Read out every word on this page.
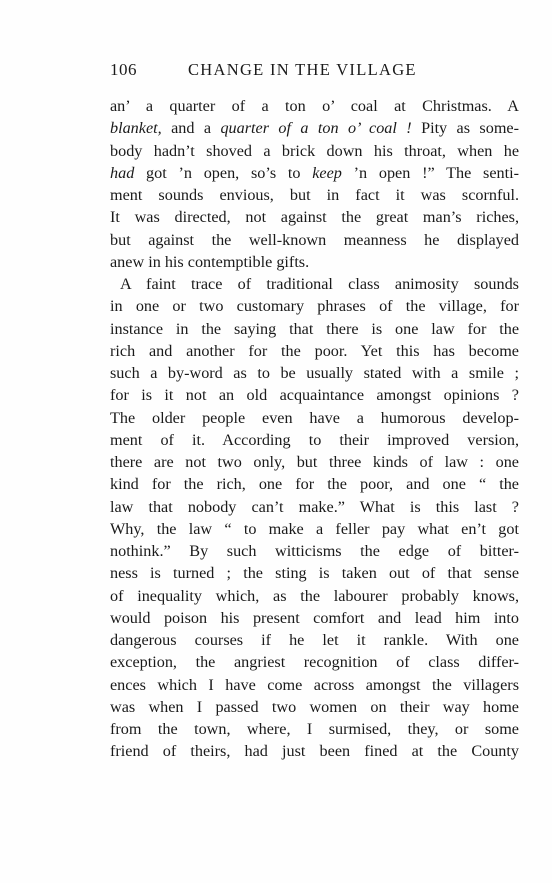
106	CHANGE IN THE VILLAGE
an’ a quarter of a ton o’ coal at Christmas. A
blanket, and a quarter of a ton o’ coal ! Pity as some-
body hadn’t shoved a brick down his throat, when he
had got ’n open, so’s to keep ’n open !” The senti-
ment sounds envious, but in fact it was scornful.
It was directed, not against the great man’s riches,
but against the well-known meanness he displayed
anew in his contemptible gifts.
A faint trace of traditional class animosity sounds
in one or two customary phrases of the village, for
instance in the saying that there is one law for the
rich and another for the poor. Yet this has become
such a by-word as to be usually stated with a smile ;
for is it not an old acquaintance amongst opinions ?
The older people even have a humorous develop-
ment of it. According to their improved version,
there are not two only, but three kinds of law : one
kind for the rich, one for the poor, and one “ the
law that nobody can’t make.” What is this last ?
Why, the law “ to make a feller pay what en’t got
nothink.” By such witticisms the edge of bitter-
ness is turned ; the sting is taken out of that sense
of inequality which, as the labourer probably knows,
would poison his present comfort and lead him into
dangerous courses if he let it rankle. With one
exception, the angriest recognition of class differ-
ences which I have come across amongst the villagers
was when I passed two women on their way home
from the town, where, I surmised, they, or some
friend of theirs, had just been fined at the County
